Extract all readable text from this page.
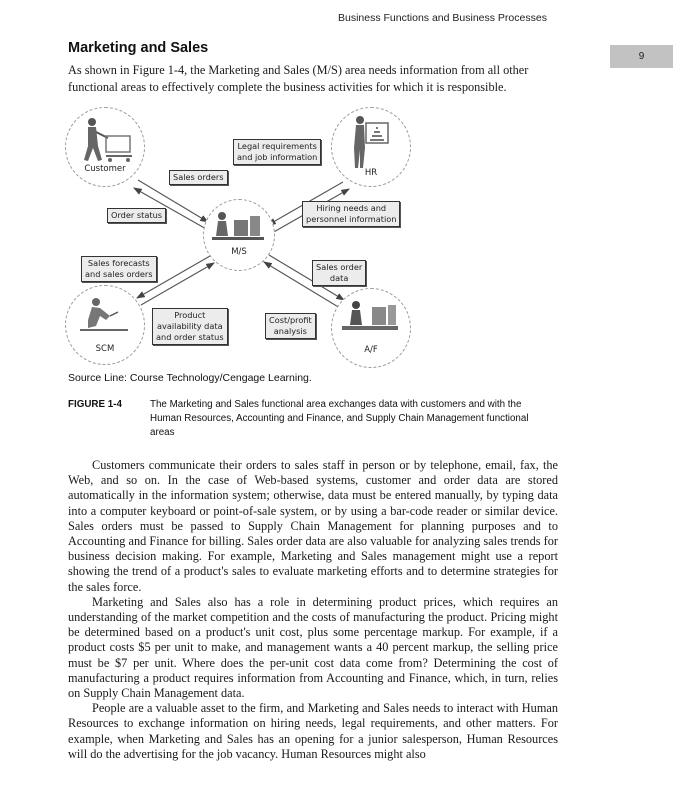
Business Functions and Business Processes
9
Marketing and Sales
As shown in Figure 1-4, the Marketing and Sales (M/S) area needs information from all other functional areas to effectively complete the business activities for which it is responsible.
Customer	HR
M/S
SCM	A/F
Sales orders
Order status
Legal requirements
and job information
Hiring needs and
personnel information
Sales forecasts
and sales orders
Product
availability data
and order status
Sales order
data
Cost/profit
analysis
Source Line: Course Technology/Cengage Learning.
FIGURE 1-4	The Marketing and Sales functional area exchanges data with customers and with the Human Resources, Accounting and Finance, and Supply Chain Management functional areas

Customers communicate their orders to sales staff in person or by telephone, email, fax, the Web, and so on. In the case of Web-based systems, customer and order data are stored automatically in the information system; otherwise, data must be entered manually, by typing data into a computer keyboard or point-of-sale system, or by using a bar-code reader or similar device. Sales orders must be passed to Supply Chain Management for planning purposes and to Accounting and Finance for billing. Sales order data are also valuable for analyzing sales trends for business decision making. For example, Marketing and Sales management might use a report showing the trend of a product's sales to evaluate marketing efforts and to determine strategies for the sales force.

Marketing and Sales also has a role in determining product prices, which requires an understanding of the market competition and the costs of manufacturing the product. Pricing might be determined based on a product's unit cost, plus some percentage markup. For example, if a product costs $5 per unit to make, and management wants a 40 percent markup, the selling price must be $7 per unit. Where does the per-unit cost data come from? Determining the cost of manufacturing a product requires information from Accounting and Finance, which, in turn, relies on Supply Chain Management data.

People are a valuable asset to the firm, and Marketing and Sales needs to interact with Human Resources to exchange information on hiring needs, legal requirements, and other matters. For example, when Marketing and Sales has an opening for a junior salesperson, Human Resources will do the advertising for the job vacancy. Human Resources might also
